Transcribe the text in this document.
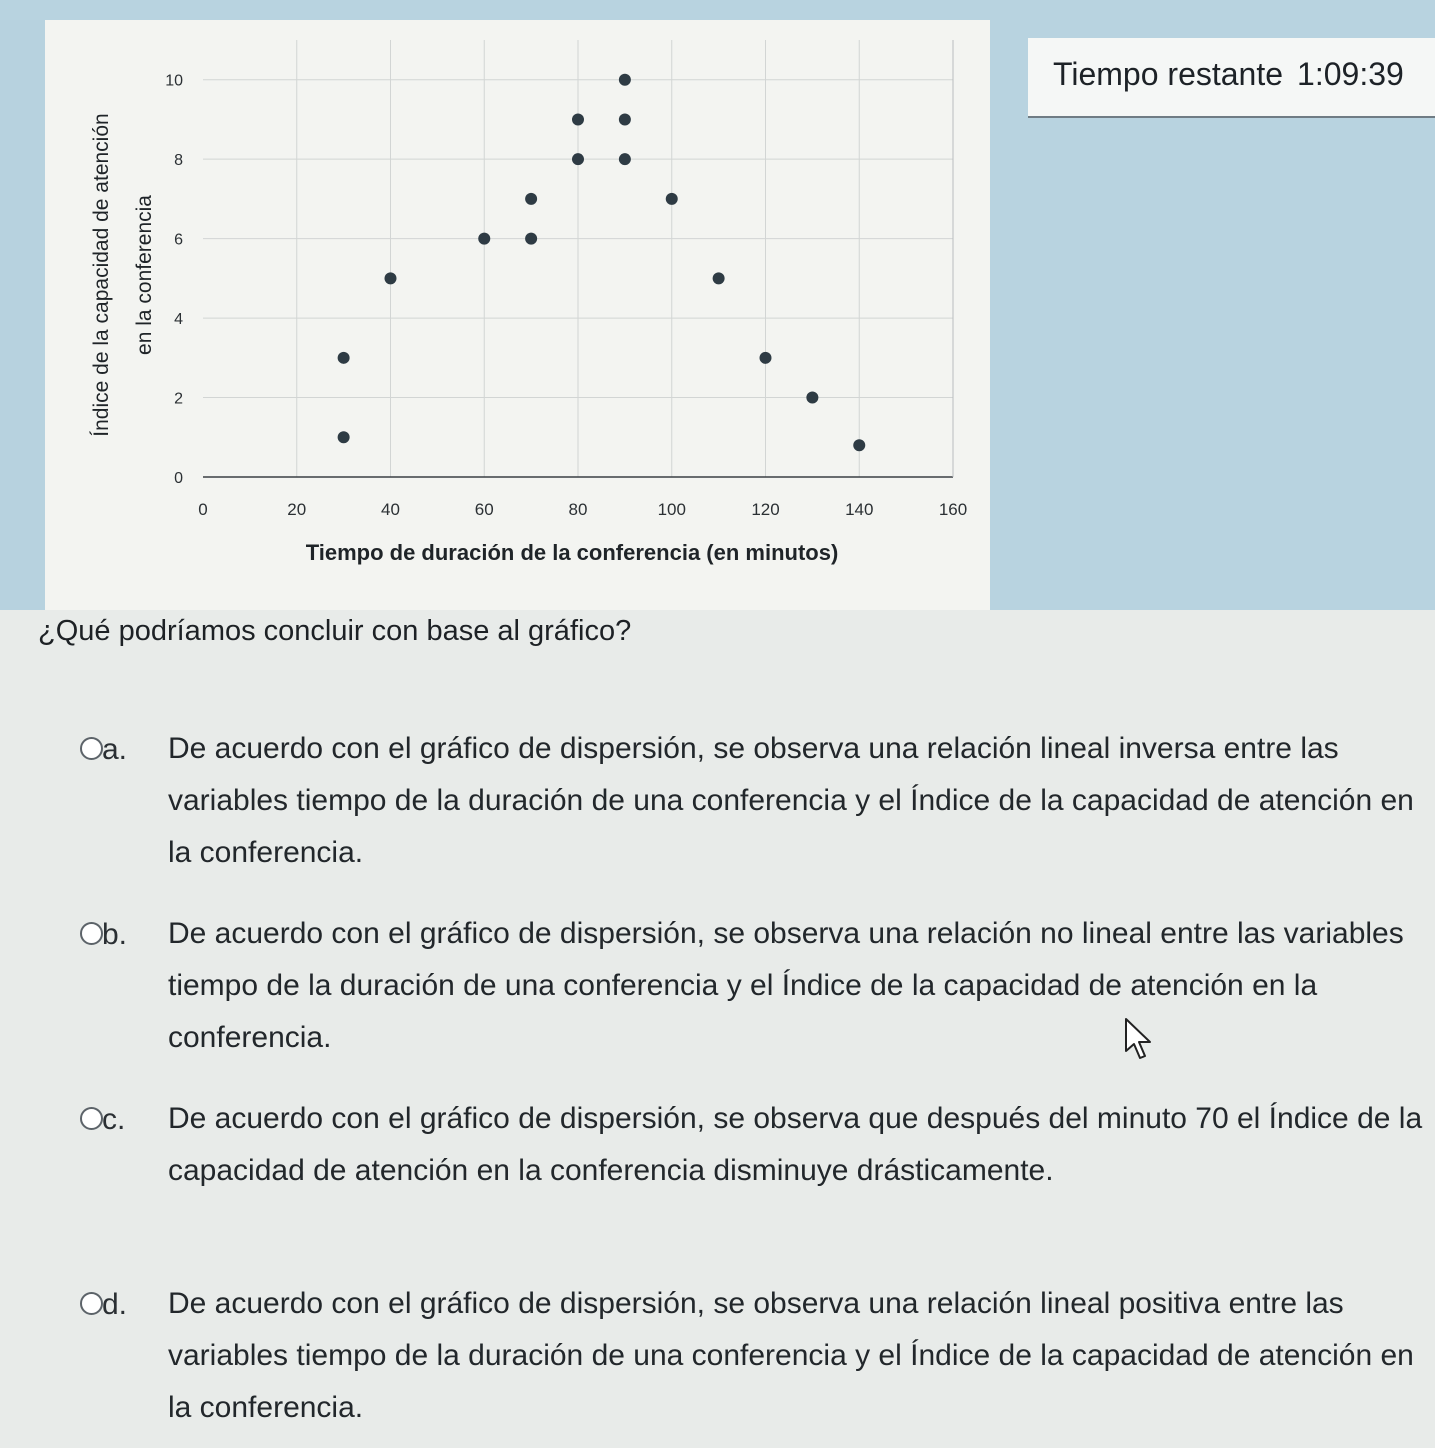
0	20	40	60	80	100	120	140	160
0
2
4
6
8
10
Tiempo de duración de la conferencia (en minutos)
Índice de la capacidad de atención en la conferencia
Tiempo restante 1:09:39
¿Qué podríamos concluir con base al gráfico?
a. De acuerdo con el gráfico de dispersión, se observa una relación lineal inversa entre las variables tiempo de la duración de una conferencia y el Índice de la capacidad de atención en la conferencia.
b. De acuerdo con el gráfico de dispersión, se observa una relación no lineal entre las variables tiempo de la duración de una conferencia y el Índice de la capacidad de atención en la conferencia.
c. De acuerdo con el gráfico de dispersión, se observa que después del minuto 70 el Índice de la capacidad de atención en la conferencia disminuye drásticamente.
d. De acuerdo con el gráfico de dispersión, se observa una relación lineal positiva entre las variables tiempo de la duración de una conferencia y el Índice de la capacidad de atención en la conferencia.
